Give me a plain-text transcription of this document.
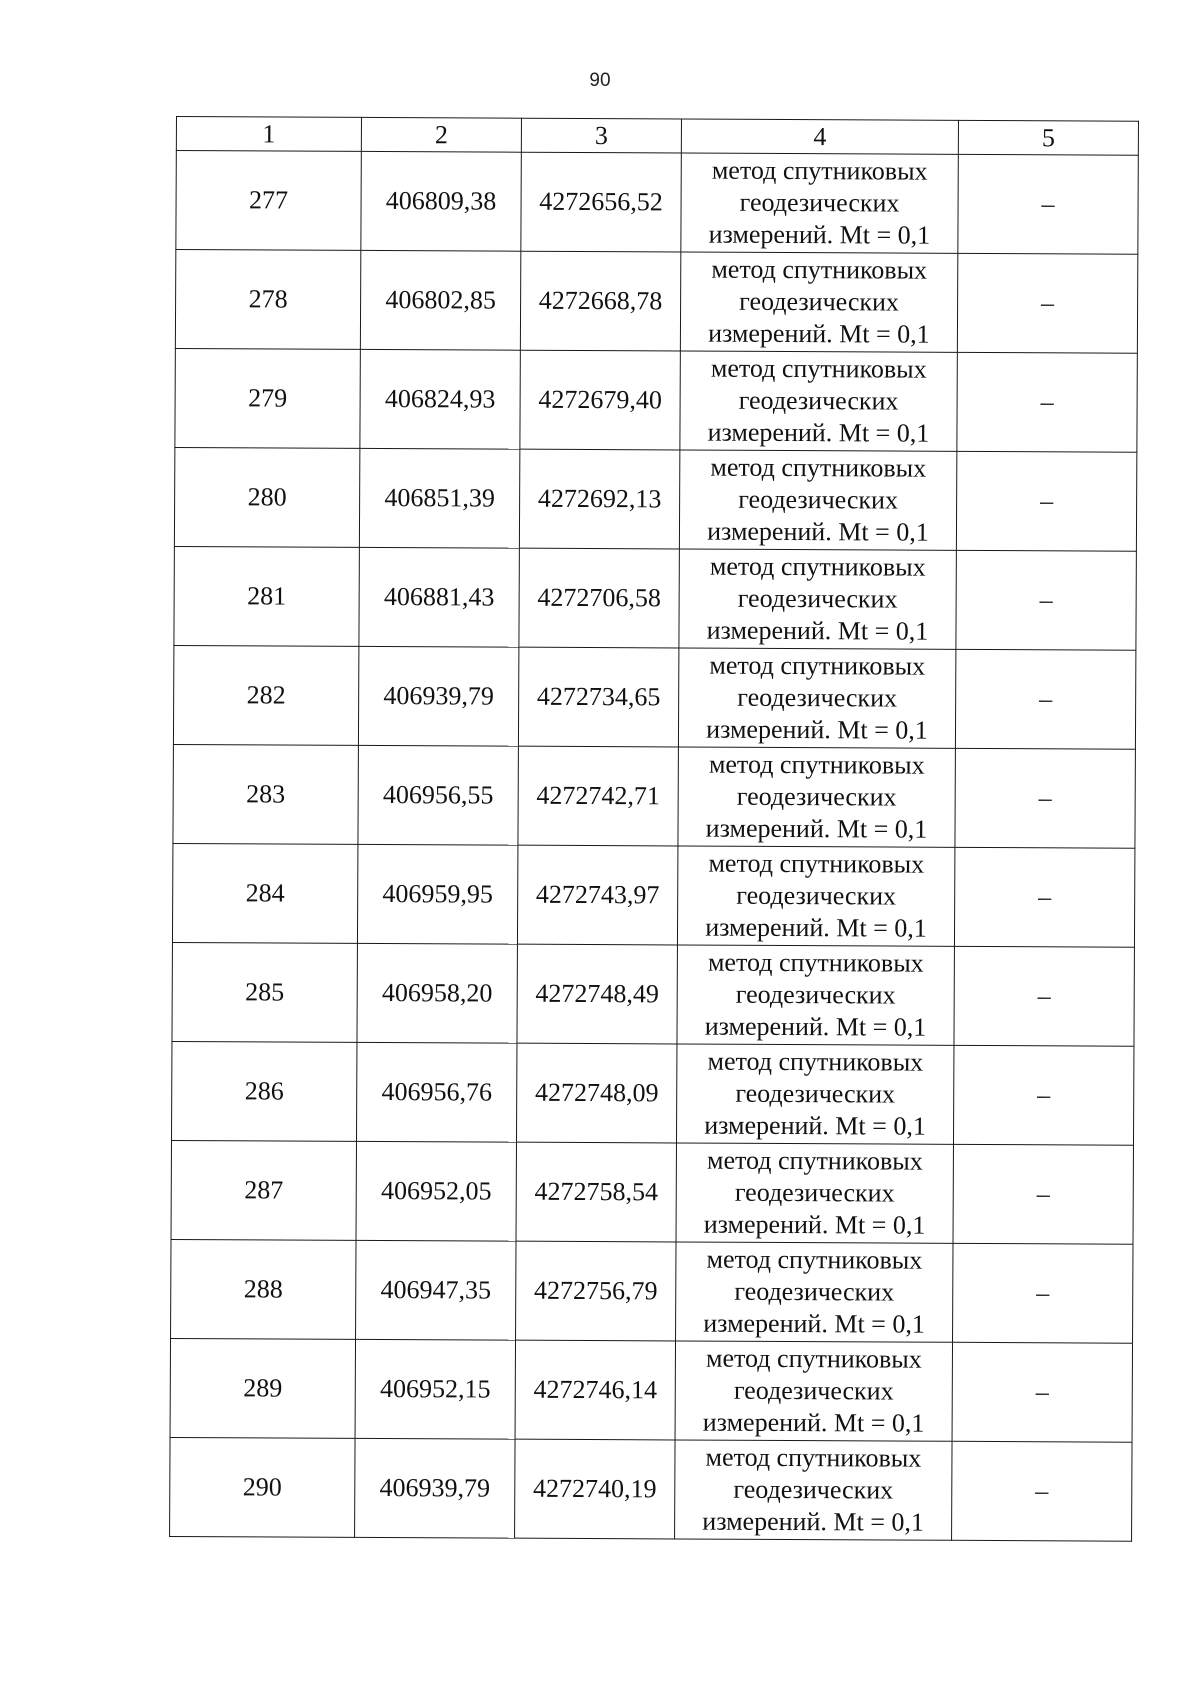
90
1	2	3	4	5
277	406809,38	4272656,52	метод спутниковых
геодезических
измерений. Mt = 0,1	–
278	406802,85	4272668,78	метод спутниковых
геодезических
измерений. Mt = 0,1	–
279	406824,93	4272679,40	метод спутниковых
геодезических
измерений. Mt = 0,1	–
280	406851,39	4272692,13	метод спутниковых
геодезических
измерений. Mt = 0,1	–
281	406881,43	4272706,58	метод спутниковых
геодезических
измерений. Mt = 0,1	–
282	406939,79	4272734,65	метод спутниковых
геодезических
измерений. Mt = 0,1	–
283	406956,55	4272742,71	метод спутниковых
геодезических
измерений. Mt = 0,1	–
284	406959,95	4272743,97	метод спутниковых
геодезических
измерений. Mt = 0,1	–
285	406958,20	4272748,49	метод спутниковых
геодезических
измерений. Mt = 0,1	–
286	406956,76	4272748,09	метод спутниковых
геодезических
измерений. Mt = 0,1	–
287	406952,05	4272758,54	метод спутниковых
геодезических
измерений. Mt = 0,1	–
288	406947,35	4272756,79	метод спутниковых
геодезических
измерений. Mt = 0,1	–
289	406952,15	4272746,14	метод спутниковых
геодезических
измерений. Mt = 0,1	–
290	406939,79	4272740,19	метод спутниковых
геодезических
измерений. Mt = 0,1	–
